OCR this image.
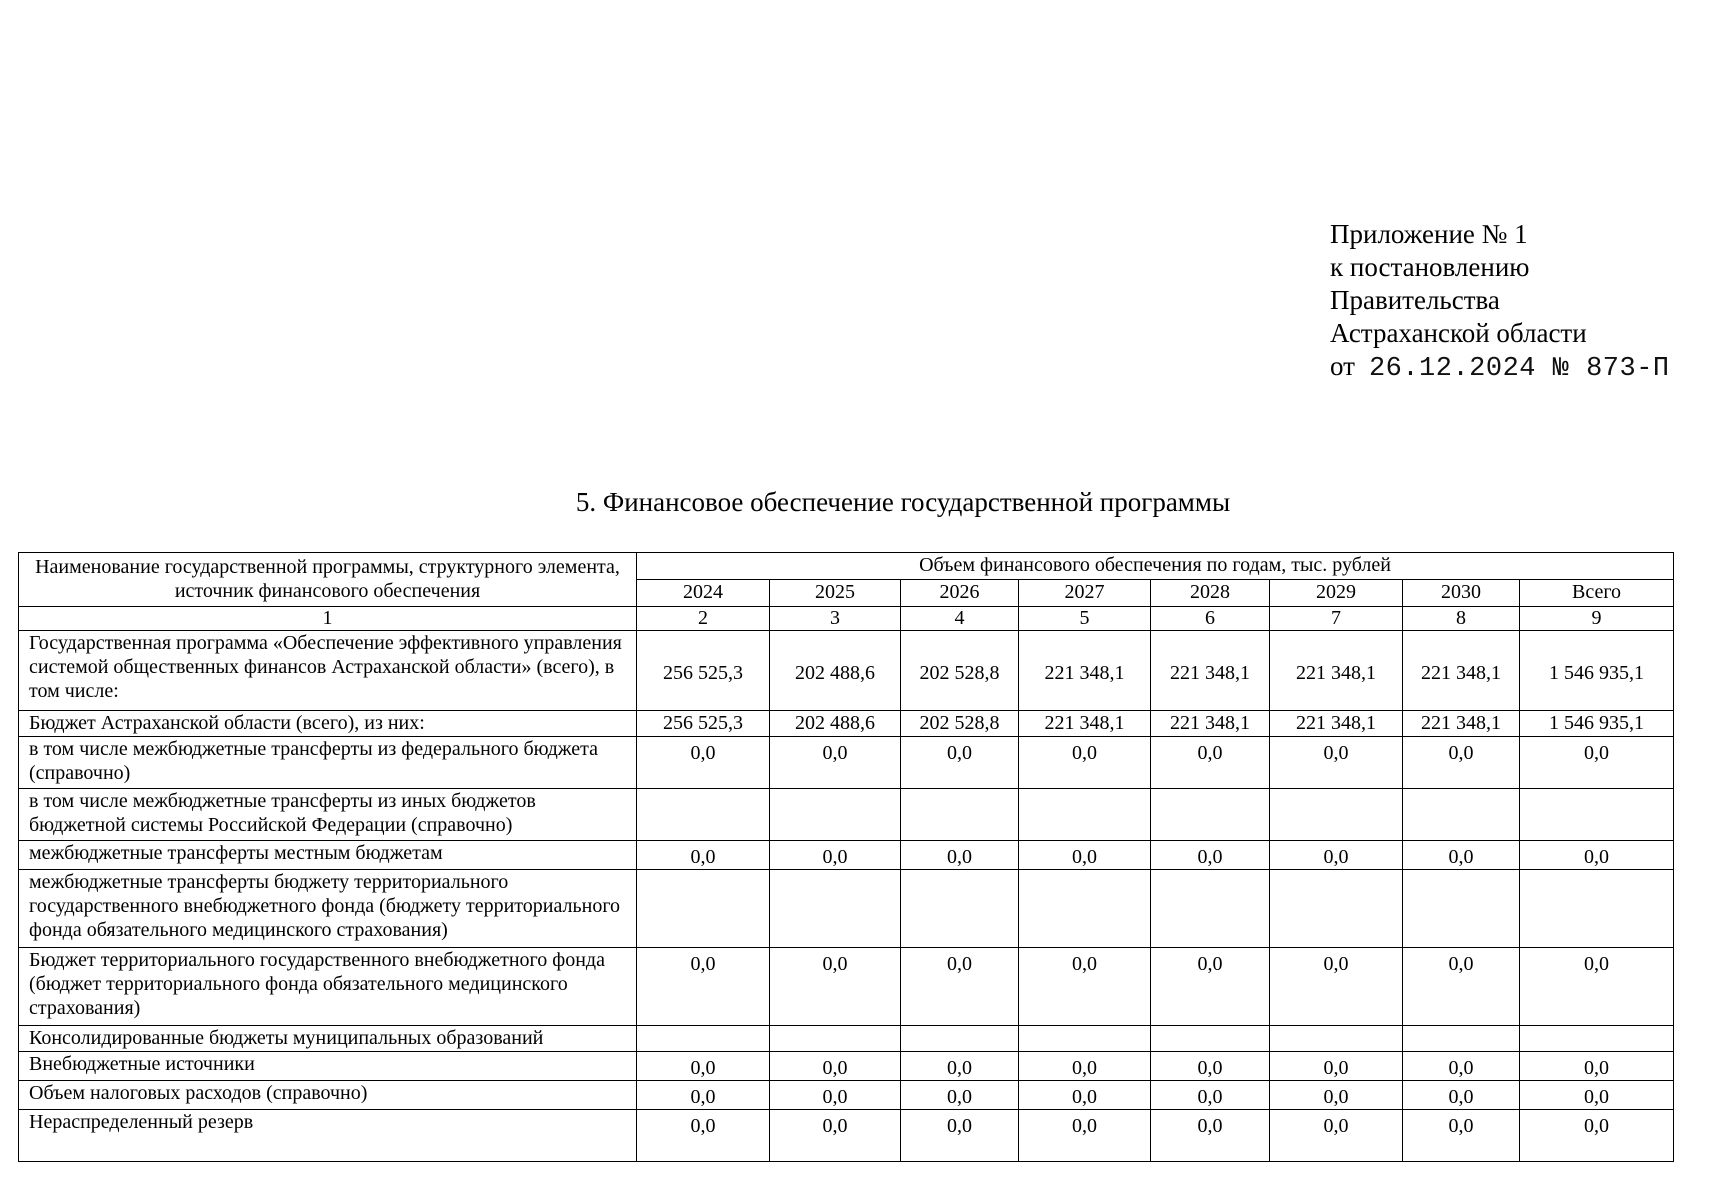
Приложение № 1
к постановлению
Правительства
Астраханской области
от 26.12.2024 № 873-П
5. Финансовое обеспечение государственной программы
Наименование государственной программы, структурного элемента, источник финансового обеспечения	Объем финансового обеспечения по годам, тыс. рублей							
	2024	2025	2026	2027	2028	2029	2030	Всего
1	2	3	4	5	6	7	8	9
Государственная программа «Обеспечение эффективного управления системой общественных финансов Астраханской области» (всего), в том числе:	256 525,3	202 488,6	202 528,8	221 348,1	221 348,1	221 348,1	221 348,1	1 546 935,1
Бюджет Астраханской области (всего), из них:	256 525,3	202 488,6	202 528,8	221 348,1	221 348,1	221 348,1	221 348,1	1 546 935,1
в том числе межбюджетные трансферты из федерального бюджета (справочно)	0,0	0,0	0,0	0,0	0,0	0,0	0,0	0,0
в том числе межбюджетные трансферты из иных бюджетов бюджетной системы Российской Федерации (справочно)								
межбюджетные трансферты местным бюджетам	0,0	0,0	0,0	0,0	0,0	0,0	0,0	0,0
межбюджетные трансферты бюджету территориального государственного внебюджетного фонда (бюджету территориального фонда обязательного медицинского страхования)								
Бюджет территориального государственного внебюджетного фонда (бюджет территориального фонда обязательного медицинского страхования)	0,0	0,0	0,0	0,0	0,0	0,0	0,0	0,0
Консолидированные бюджеты муниципальных образований								
Внебюджетные источники	0,0	0,0	0,0	0,0	0,0	0,0	0,0	0,0
Объем налоговых расходов (справочно)	0,0	0,0	0,0	0,0	0,0	0,0	0,0	0,0
Нераспределенный резерв	0,0	0,0	0,0	0,0	0,0	0,0	0,0	0,0
